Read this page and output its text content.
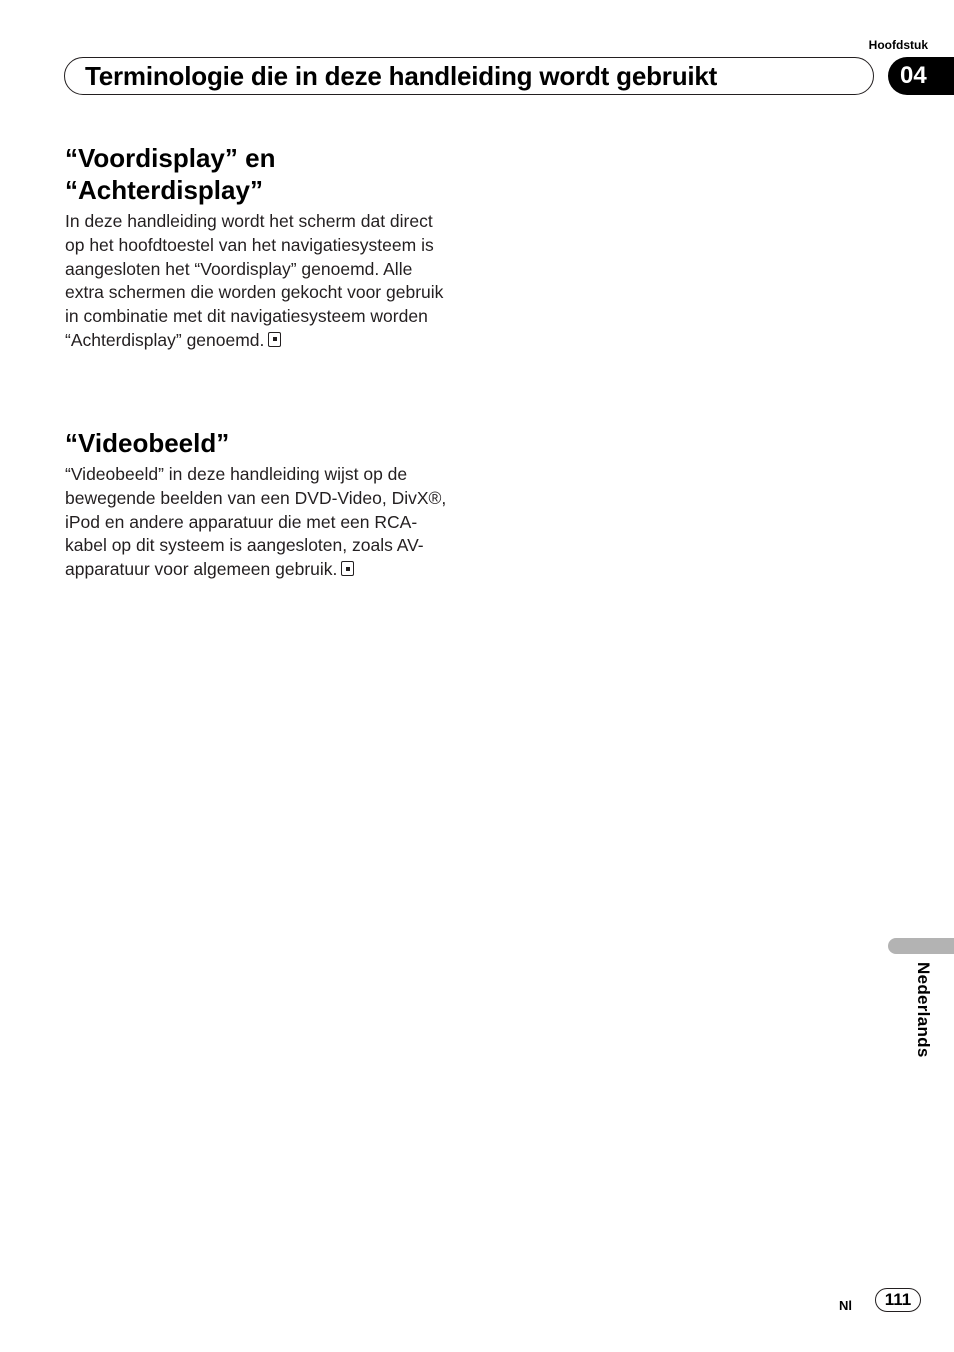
Hoofdstuk
Terminologie die in deze handleiding wordt gebruikt	04
“Voordisplay” en
“Achterdisplay”

In deze handleiding wordt het scherm dat direct op het hoofdtoestel van het navigatiesysteem is aangesloten het “Voordisplay” genoemd. Alle extra schermen die worden gekocht voor gebruik in combinatie met dit navigatiesysteem worden “Achterdisplay” genoemd.

“Videobeeld”

“Videobeeld” in deze handleiding wijst op de bewegende beelden van een DVD-Video, DivX®, iPod en andere apparatuur die met een RCA-kabel op dit systeem is aangesloten, zoals AV-apparatuur voor algemeen gebruik.

Nederlands
Nl 111
